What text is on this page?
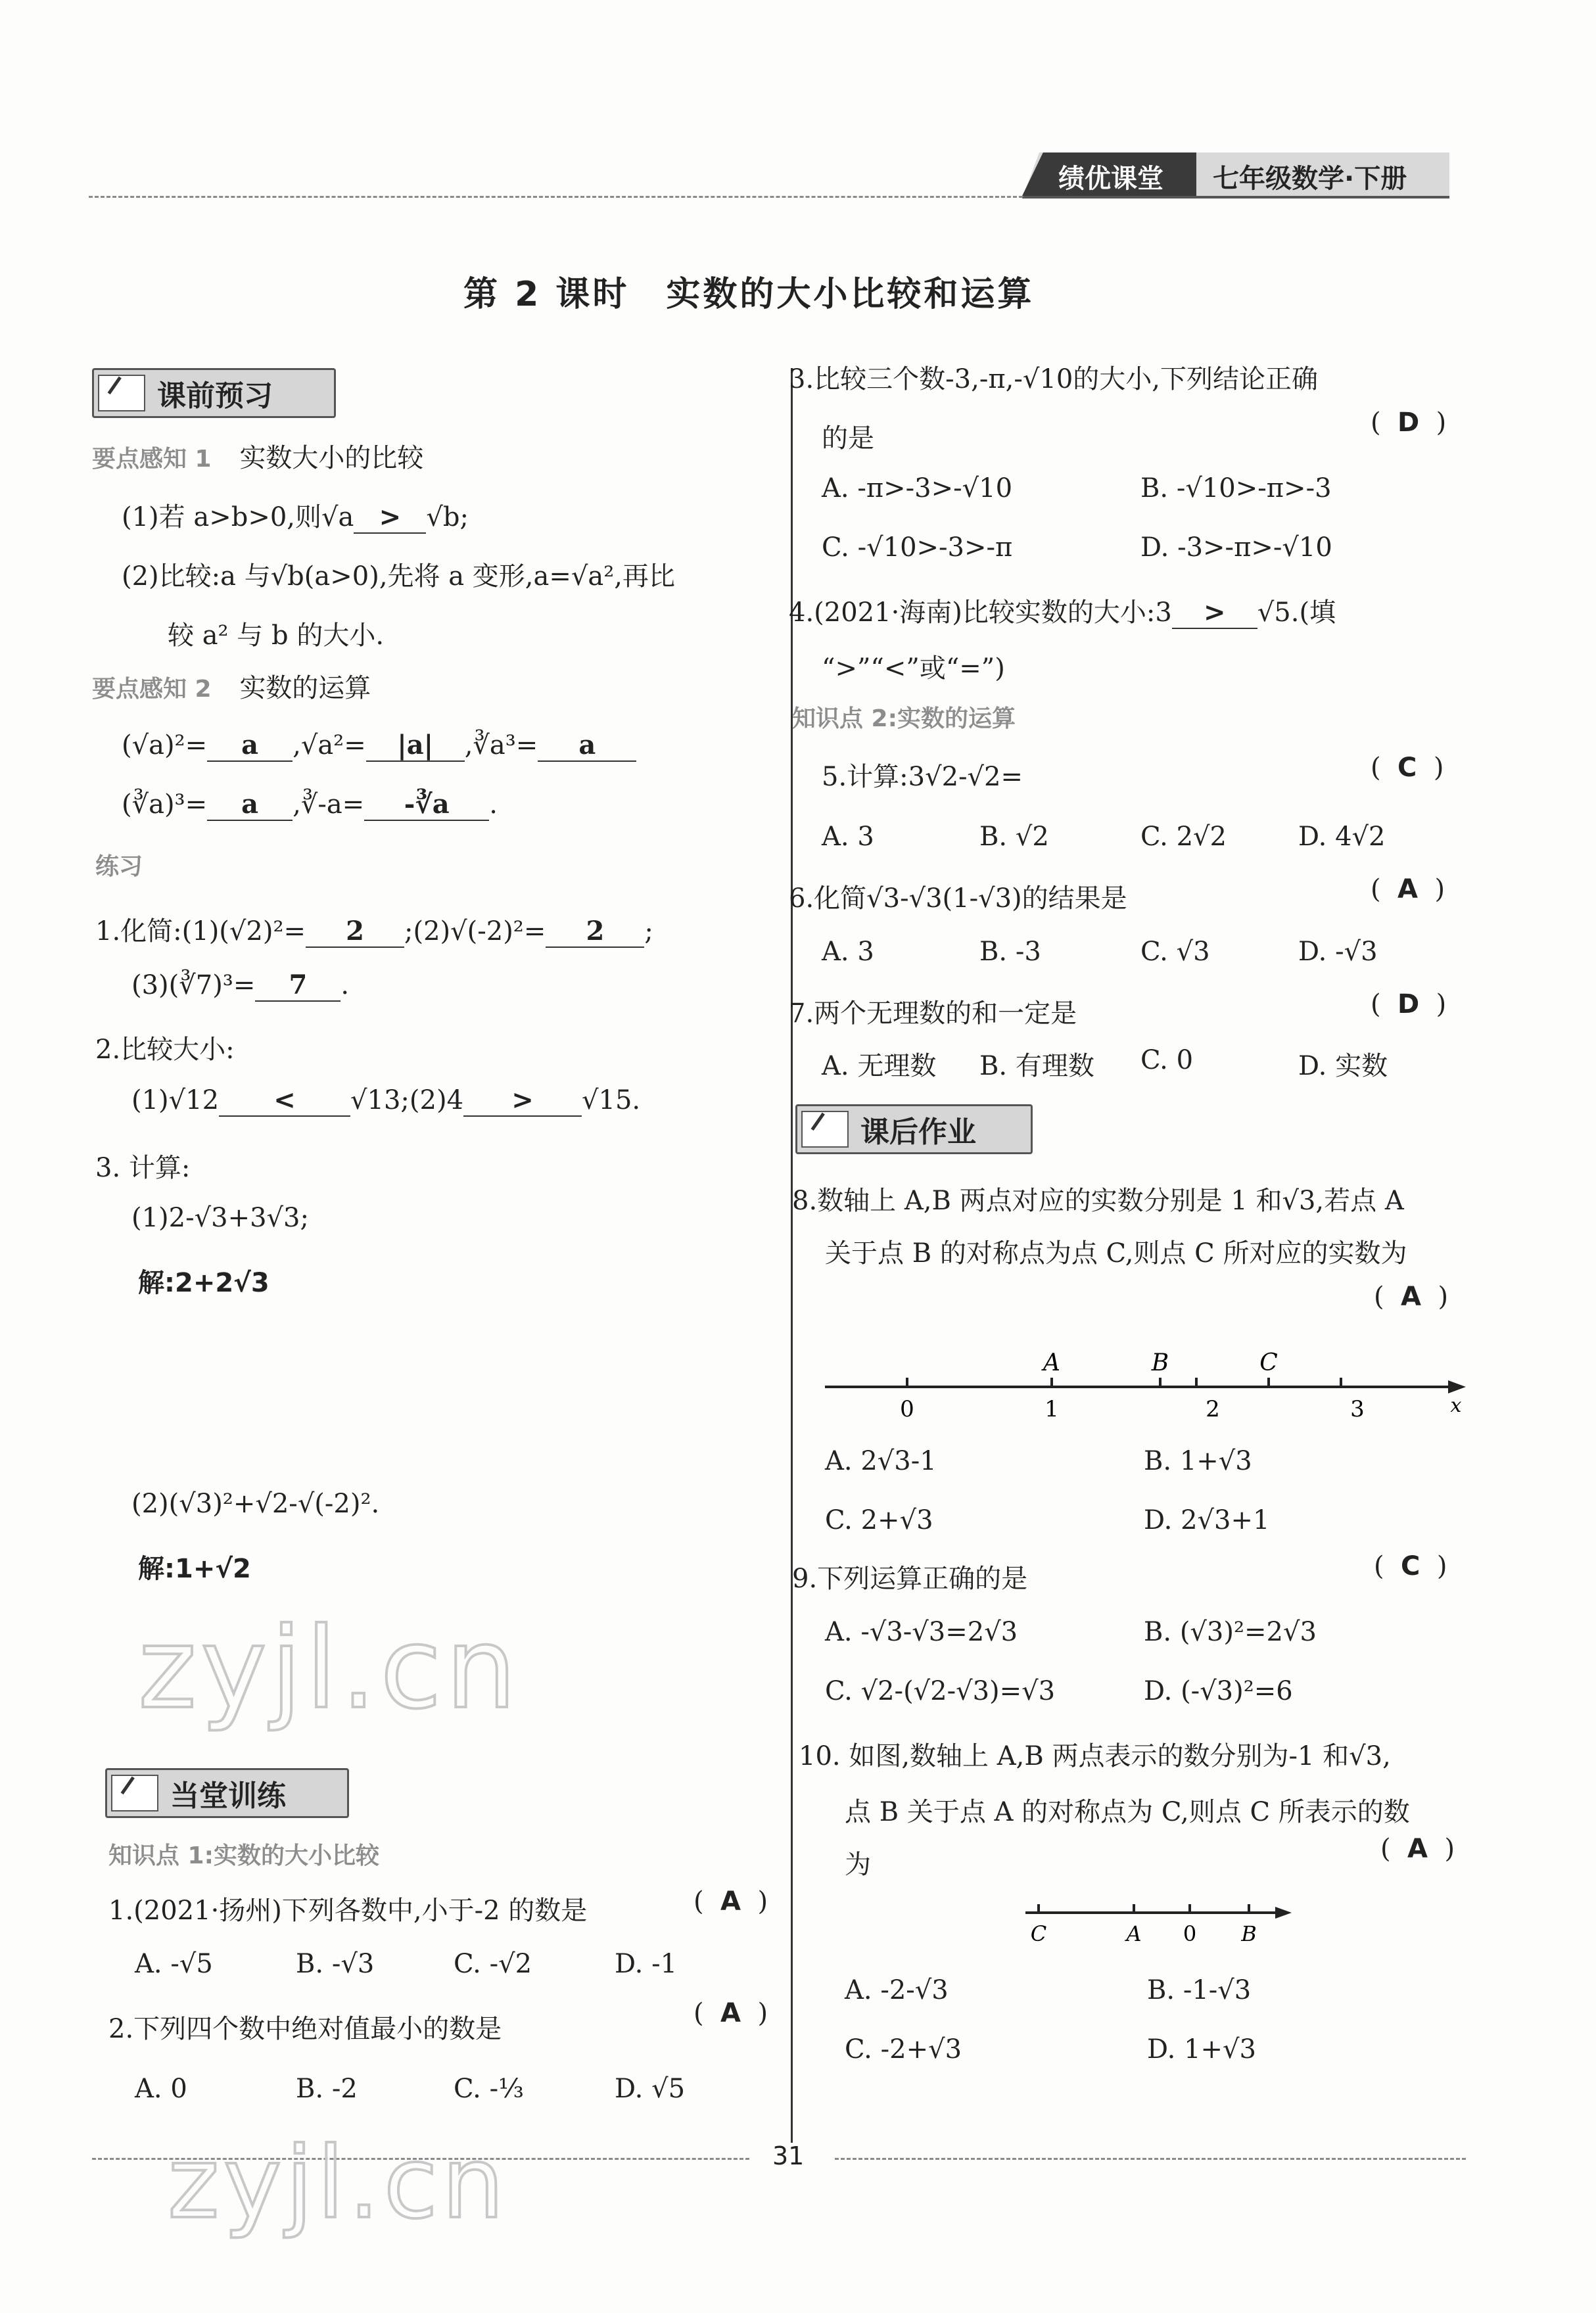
绩优课堂 七年级数学·下册
第 2 课时　实数的大小比较和运算
课前预习
要点感知 1 实数大小的比较
(1)若 a>b>0,则√a > √b;
(2)比较:a 与√b(a>0),先将 a 变形,a=√a²,再比
较 a² 与 b 的大小.
要点感知 2 实数的运算
(√a)²= a ,√a²= |a| ,∛a³= a
(∛a)³= a ,∛-a= -∛a .
练习
1.化简:(1)(√2)²= 2 ;(2)√(-2)²= 2 ;
(3)(∛7)³= 7 .
2.比较大小:
(1)√12 < √13;(2)4 > √15.
3. 计算:
(1)2-√3+3√3;
解:2+2√3
(2)(√3)²+√2-√(-2)².
解:1+√2
zyjl.cn
当堂训练
知识点 1:实数的大小比较
1.(2021·扬州)下列各数中,小于-2 的数是	(  A  )
A. -√5	B. -√3	C. -√2	D. -1
2.下列四个数中绝对值最小的数是
(  A  )
A. 0	B. -2	C. -⅓	D. √5
3.比较三个数-3,-π,-√10的大小,下列结论正确
的是
(  D  )
A. -π>-3>-√10	B. -√10>-π>-3
C. -√10>-3>-π	D. -3>-π>-√10
4.(2021·海南)比较实数的大小:3 > √5.(填
“>”“<”或“=”)
知识点 2:实数的运算
5.计算:3√2-√2=	(  C  )
A. 3	B. √2	C. 2√2	D. 4√2
6.化简√3-√3(1-√3)的结果是	(  A  )
A. 3	B. -3	C. √3	D. -√3
7.两个无理数的和一定是	(  D  )
A. 无理数 B. 有理数 C. 0	D. 实数
课后作业
8.数轴上 A,B 两点对应的实数分别是 1 和√3,若点 A
关于点 B 的对称点为点 C,则点 C 所对应的实数为
(  A  )
A	B	C
0	1	2	3	x
A. 2√3-1	B. 1+√3
C. 2+√3	D. 2√3+1
9.下列运算正确的是	(  C  )
A. -√3-√3=2√3	B. (√3)²=2√3
C. √2-(√2-√3)=√3	D. (-√3)²=6
10. 如图,数轴上 A,B 两点表示的数分别为-1 和√3,
点 B 关于点 A 的对称点为 C,则点 C 所表示的数
为
(  A  )
C	A 0 B
A. -2-√3	B. -1-√3
C. -2+√3	D. 1+√3
31
zyjl.cn
